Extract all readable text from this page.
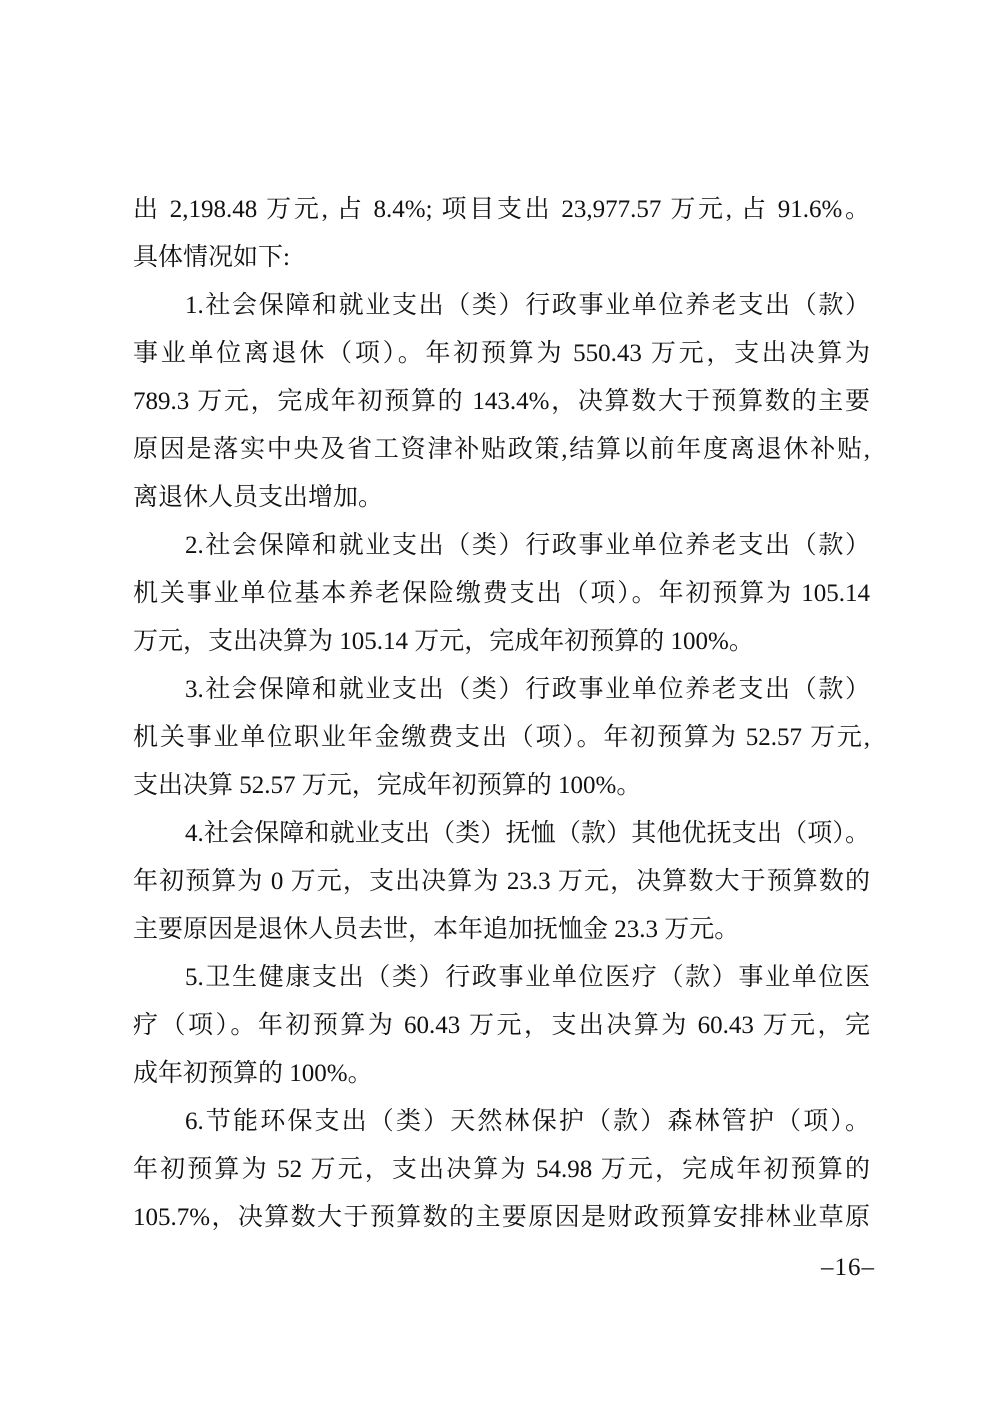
出 2,198.48 万元, 占 8.4%; 项目支出 23,977.57 万元, 占 91.6%。
具体情况如下:
1.社会保障和就业支出（类）行政事业单位养老支出（款）
事业单位离退休（项）。年初预算为 550.43 万元，支出决算为
789.3 万元，完成年初预算的 143.4%，决算数大于预算数的主要
原因是落实中央及省工资津补贴政策,结算以前年度离退休补贴,
离退休人员支出增加。
2.社会保障和就业支出（类）行政事业单位养老支出（款）
机关事业单位基本养老保险缴费支出（项）。年初预算为 105.14
万元，支出决算为 105.14 万元，完成年初预算的 100%。
3.社会保障和就业支出（类）行政事业单位养老支出（款）
机关事业单位职业年金缴费支出（项）。年初预算为 52.57 万元,
支出决算 52.57 万元，完成年初预算的 100%。
4.社会保障和就业支出（类）抚恤（款）其他优抚支出（项）。
年初预算为 0 万元，支出决算为 23.3 万元，决算数大于预算数的
主要原因是退休人员去世，本年追加抚恤金 23.3 万元。
5.卫生健康支出（类）行政事业单位医疗（款）事业单位医
疗（项）。年初预算为 60.43 万元，支出决算为 60.43 万元，完
成年初预算的 100%。
6.节能环保支出（类）天然林保护（款）森林管护（项）。
年初预算为 52 万元，支出决算为 54.98 万元，完成年初预算的
105.7%，决算数大于预算数的主要原因是财政预算安排林业草原
–16–
